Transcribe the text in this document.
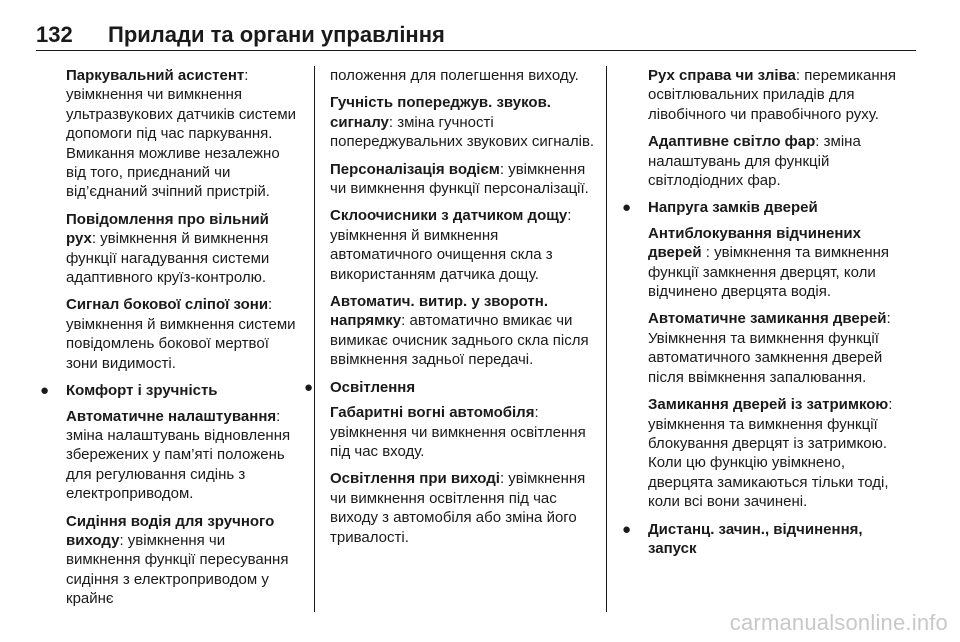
132 Прилади та органи управління

Паркувальний асистент: увімкнення чи вимкнення ультразвукових датчиків системи допомоги під час паркування. Вмикання можливе незалежно від того, приєднаний чи від’єднаний зчіпний пристрій.

Повідомлення про вільний рух: увімкнення й вимкнення функції нагадування системи адаптивного круїз-контролю.

Сигнал бокової сліпої зони: увімкнення й вимкнення системи повідомлень бокової мертвої зони видимості.

● Комфорт і зручність

Автоматичне налаштування: зміна налаштувань відновлення збережених у пам’яті положень для регулювання сидінь з електроприводом.

Сидіння водія для зручного виходу: увімкнення чи вимкнення функції пересування сидіння з електроприводом у крайнє

положення для полегшення виходу.

Гучність попереджув. звуков. сигналу: зміна гучності попереджувальних звукових сигналів.

Персоналізація водієм: увімкнення чи вимкнення функції персоналізації.

Склоочисники з датчиком дощу: увімкнення й вимкнення автоматичного очищення скла з використанням датчика дощу.

Автоматич. витир. у зворотн. напрямку: автоматично вмикає чи вимикає очисник заднього скла після ввімкнення задньої передачі.

● Освітлення

Габаритні вогні автомобіля: увімкнення чи вимкнення освітлення під час входу.

Освітлення при виході: увімкнення чи вимкнення освітлення під час виходу з автомобіля або зміна його тривалості.

Рух справа чи зліва: перемикання освітлювальних приладів для лівобічного чи правобічного руху.

Адаптивне світло фар: зміна налаштувань для функцій світлодіодних фар.

● Напруга замків дверей

Антиблокування відчинених дверей : увімкнення та вимкнення функції замкнення дверцят, коли відчинено дверцята водія.

Автоматичне замикання дверей: Увімкнення та вимкнення функції автоматичного замкнення дверей після ввімкнення запалювання.

Замикання дверей із затримкою: увімкнення та вимкнення функції блокування дверцят із затримкою. Коли цю функцію увімкнено, дверцята замикаються тільки тоді, коли всі вони зачинені.

● Дистанц. зачин., відчинення, запуск
carmanualsonline.info
